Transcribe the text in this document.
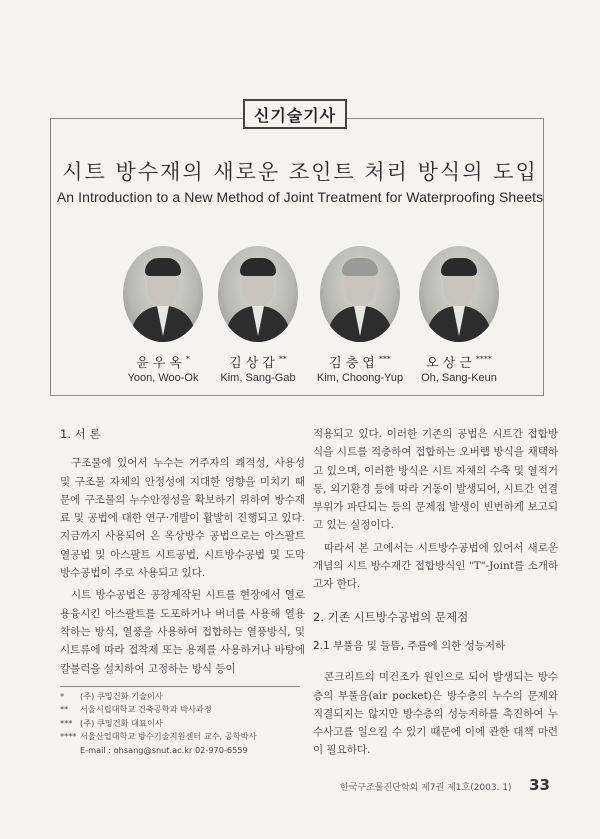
신기술기사
시트 방수재의 새로운 조인트 처리 방식의 도입
An Introduction to a New Method of Joint Treatment for Waterproofing Sheets
윤우옥*
Yoon, Woo-Ok
김상갑**
Kim, Sang-Gab
김충엽***
Kim, Choong-Yup
오상근****
Oh, Sang-Keun
1. 서 론

구조물에 있어서 누수는 거주자의 쾌적성, 사용성 및 구조물 자체의 안정성에 지대한 영향을 미치기 때문에 구조물의 누수안정성을 확보하기 위하여 방수재료 및 공법에 대한 연구·개발이 활발히 진행되고 있다. 지금까지 사용되어 온 옥상방수 공법으로는 아스팔트 열공법 및 아스팔트 시트공법, 시트방수공법 및 도막방수공법이 주로 사용되고 있다.

시트 방수공법은 공장제작된 시트를 현장에서 열로 용융시킨 아스팔트를 도포하거나 버너를 사용해 열용착하는 방식, 열풍을 사용하여 접합하는 열풍방식, 및 시트류에 따라 접착제 또는 용제를 사용하거나 바탕에 칼블럭을 설치하여 고정하는 방식 등이

적용되고 있다. 이러한 기존의 공법은 시트간 접합방식을 시트를 적층하여 접합하는 오버랩 방식을 채택하고 있으며, 이러한 방식은 시트 자체의 수축 및 열적거동, 외기환경 등에 따라 거동이 발생되어, 시트간 연결부위가 파단되는 등의 문제점 발생이 빈번하게 보고되고 있는 실정이다.

따라서 본 고에서는 시트방수공법에 있어서 새로운 개념의 시트 방수재간 접합방식인 "T"-Joint를 소개하고자 한다.

2. 기존 시트방수공법의 문제점
2.1 부풀음 및 들뜸, 주름에 의한 성능저하

콘크리트의 미건조가 원인으로 되어 발생되는 방수층의 부풀음(air pocket)은 방수층의 누수의 문제와 직결되지는 않지만 방수층의 성능저하를 촉진하여 누수사고를 일으킬 수 있기 때문에 이에 관한 대책 마련이 필요하다.

* (주) 쿠밍건화 기술이사
** 서울시립대학교 건축공학과 박사과정
*** (주) 쿠밍건화 대표이사
**** 서울산업대학교 방수기술지원센터 교수, 공학박사
E-mail : ohsang@snut.ac.kr 02-970-6559
한국구조물진단학회 제7권 제1호(2003. 1) 33
